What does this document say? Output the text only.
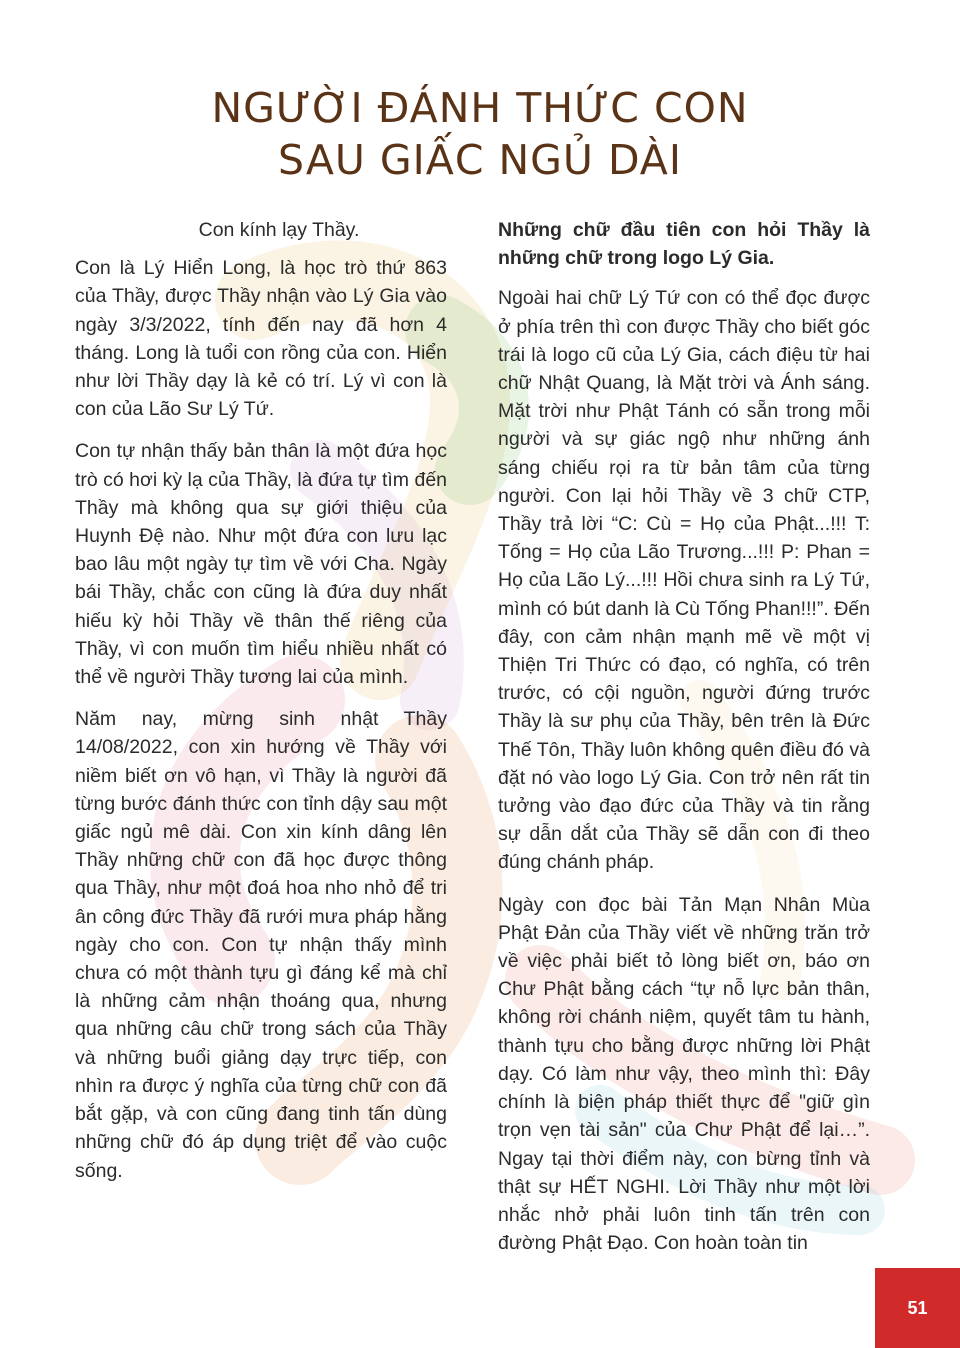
NGƯỜI ĐÁNH THỨC CON
SAU GIẤC NGỦ DÀI

Con kính lạy Thầy.

Con là Lý Hiển Long, là học trò thứ 863 của Thầy, được Thầy nhận vào Lý Gia vào ngày 3/3/2022, tính đến nay đã hơn 4 tháng. Long là tuổi con rồng của con. Hiển như lời Thầy dạy là kẻ có trí. Lý vì con là con của Lão Sư Lý Tứ.

Con tự nhận thấy bản thân là một đứa học trò có hơi kỳ lạ của Thầy, là đứa tự tìm đến Thầy mà không qua sự giới thiệu của Huynh Đệ nào. Như một đứa con lưu lạc bao lâu một ngày tự tìm về với Cha. Ngày bái Thầy, chắc con cũng là đứa duy nhất hiếu kỳ hỏi Thầy về thân thế riêng của Thầy, vì con muốn tìm hiểu nhiều nhất có thể về người Thầy tương lai của mình.

Năm nay, mừng sinh nhật Thầy 14/08/2022, con xin hướng về Thầy với niềm biết ơn vô hạn, vì Thầy là người đã từng bước đánh thức con tỉnh dậy sau một giấc ngủ mê dài. Con xin kính dâng lên Thầy những chữ con đã học được thông qua Thầy, như một đoá hoa nho nhỏ để tri ân công đức Thầy đã rưới mưa pháp hằng ngày cho con. Con tự nhận thấy mình chưa có một thành tựu gì đáng kể mà chỉ là những cảm nhận thoáng qua, nhưng qua những câu chữ trong sách của Thầy và những buổi giảng dạy trực tiếp, con nhìn ra được ý nghĩa của từng chữ con đã bắt gặp, và con cũng đang tinh tấn dùng những chữ đó áp dụng triệt để vào cuộc sống.

Những chữ đầu tiên con hỏi Thầy là những chữ trong logo Lý Gia.

Ngoài hai chữ Lý Tứ con có thể đọc được ở phía trên thì con được Thầy cho biết góc trái là logo cũ của Lý Gia, cách điệu từ hai chữ Nhật Quang, là Mặt trời và Ánh sáng. Mặt trời như Phật Tánh có sẵn trong mỗi người và sự giác ngộ như những ánh sáng chiếu rọi ra từ bản tâm của từng người. Con lại hỏi Thầy về 3 chữ CTP, Thầy trả lời “C: Cù = Họ của Phật...!!! T: Tống = Họ của Lão Trương...!!! P: Phan = Họ của Lão Lý...!!! Hồi chưa sinh ra Lý Tứ, mình có bút danh là Cù Tống Phan!!!”. Đến đây, con cảm nhận mạnh mẽ về một vị Thiện Tri Thức có đạo, có nghĩa, có trên trước, có cội nguồn, người đứng trước Thầy là sư phụ của Thầy, bên trên là Đức Thế Tôn, Thầy luôn không quên điều đó và đặt nó vào logo Lý Gia. Con trở nên rất tin tưởng vào đạo đức của Thầy và tin rằng sự dẫn dắt của Thầy sẽ dẫn con đi theo đúng chánh pháp.

Ngày con đọc bài Tản Mạn Nhân Mùa Phật Đản của Thầy viết về những trăn trở về việc phải biết tỏ lòng biết ơn, báo ơn Chư Phật bằng cách “tự nỗ lực bản thân, không rời chánh niệm, quyết tâm tu hành, thành tựu cho bằng được những lời Phật dạy. Có làm như vậy, theo mình thì: Đây chính là biện pháp thiết thực để "giữ gìn trọn vẹn tài sản" của Chư Phật để lại…”. Ngay tại thời điểm này, con bừng tỉnh và thật sự HẾT NGHI. Lời Thầy như một lời nhắc nhở phải luôn tinh tấn trên con đường Phật Đạo. Con hoàn toàn tin

51
